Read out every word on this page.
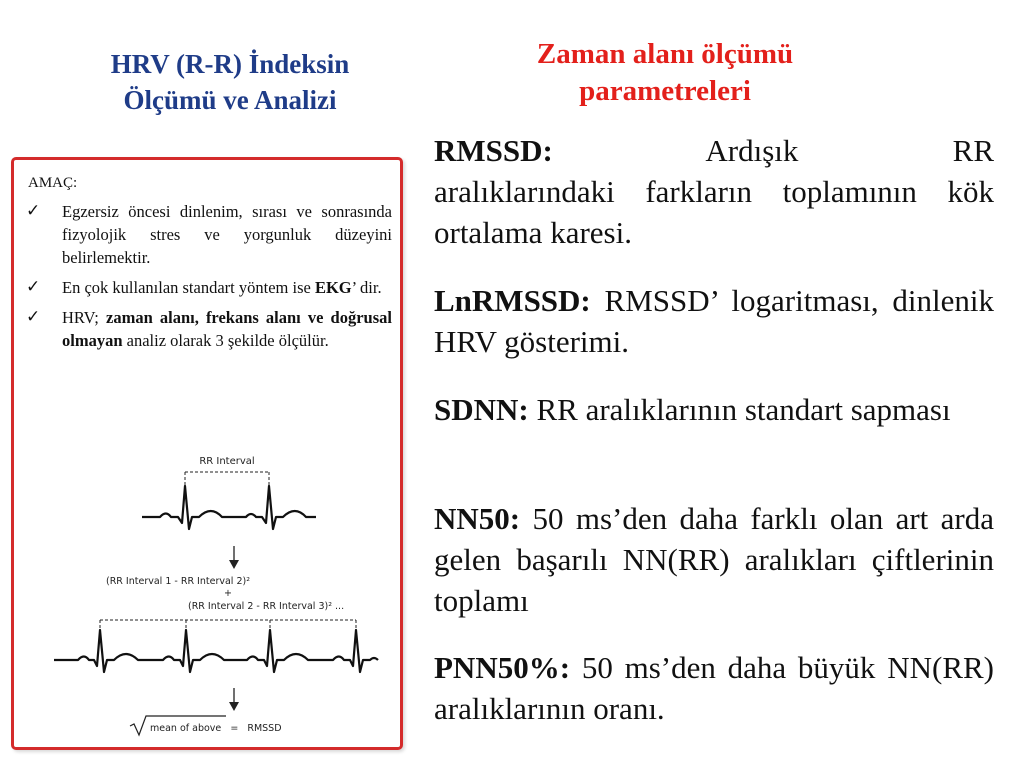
HRV (R-R) İndeksin
Ölçümü ve Analizi
Zaman alanı ölçümü
parametreleri
AMAÇ:
✓ Egzersiz öncesi dinlenim, sırası ve sonrasında fizyolojik stres ve yorgunluk düzeyini belirlemektir.
✓ En çok kullanılan standart yöntem ise EKG’ dir.
✓ HRV; zaman alanı, frekans alanı ve doğrusal olmayan analiz olarak 3 şekilde ölçülür.
RR Interval
(RR Interval 1 - RR Interval 2)²
+
(RR Interval 2 - RR Interval 3)² ...
mean of above   =   RMSSD
RMSSD:	Ardışık	RR
aralıklarındaki farkların toplamının kök ortalama karesi.
LnRMSSD: RMSSD’ logaritması, dinlenik HRV gösterimi.
SDNN: RR aralıklarının standart sapması
NN50: 50 ms’den daha farklı olan art arda gelen başarılı NN(RR) aralıkları çiftlerinin toplamı
PNN50%: 50 ms’den daha büyük NN(RR) aralıklarının oranı.
